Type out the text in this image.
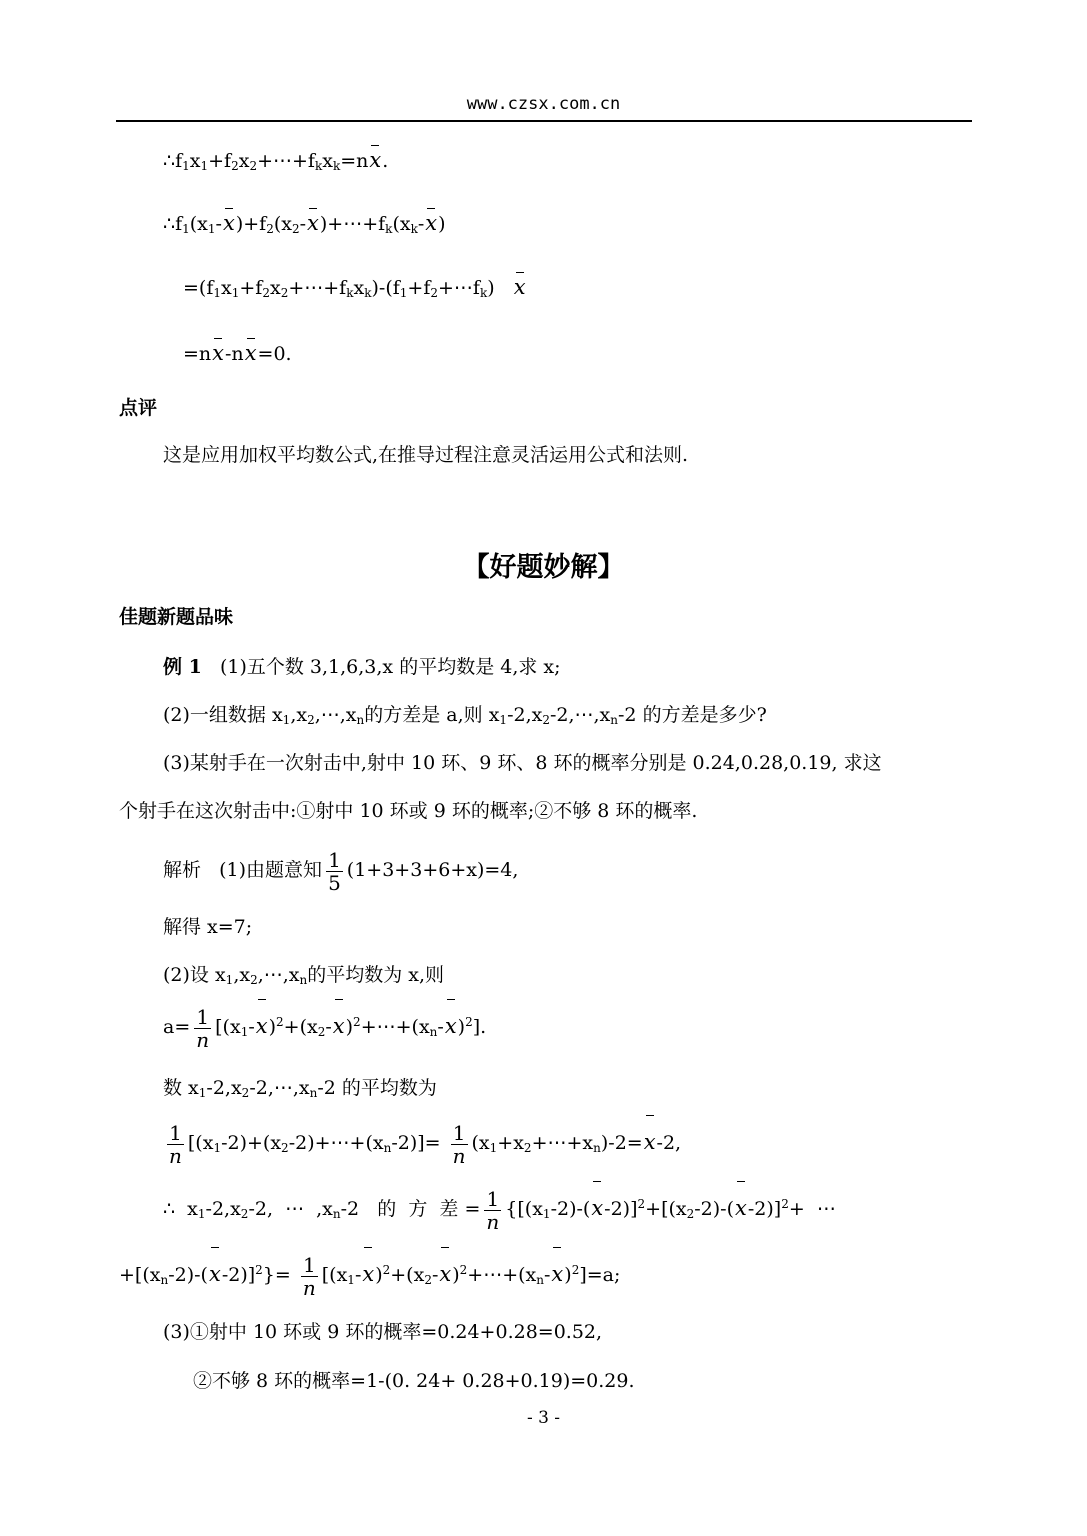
www.czsx.com.cn
$\therefore f_1x_1+f_2x_2+\cdots+f_kx_k=nx$.
$\therefore f_1(x_1-x)+f_2(x_2-x)+\cdots+f_k(x_k-x)$
$=(f_1x_1+f_2x_2+\cdots+f_kx_k)-(f_1+f_2+\cdots f_k)$   x
=nx-nx=0.
点评
这是应用加权平均数公式,在推导过程注意灵活运用公式和法则.
【好题妙解】
佳题新题品味
例 1 (1)五个数 3,1,6,3,x 的平均数是 4,求 x;
(2)一组数据 $x_1,x_2,\cdots,x_n$的方差是 a,则 $x_1-2,x_2-2,\cdots,x_n-2$ 的方差是多少?
(3)某射手在一次射击中,射中 10 环、9 环、8 环的概率分别是 0.24,0.28,0.19, 求这
个射手在这次射击中:①射中 10 环或 9 环的概率;②不够 8 环的概率.
解析 (1)由题意知 $\frac{1}{5} (1+3+3+6+x)=4$,
解得 x=7;
(2)设 $x_1,x_2,\cdots,x_n$的平均数为 x,则
$a= \frac{1}{n}$ $[(x_1-x)^2+(x_2-x)^2+\cdots+(x_n-x)^2]$.
数 $x_1-2,x_2-2,\cdots,x_n-2$ 的平均数为
$\frac{1}{n}$ $[(x_1-2)+(x_2-2)+\cdots+(x_n-2)]= \frac{1}{n}$ $(x_1+x_2+\cdots+x_n)-2=x-2$,
∴  $x_1-2,x_2-2$,  ⋯  $,x_n-2$   的  方  差 = $\frac{1}{n} \{[(x_1-2)-(x-2)]^2+[(x_2-2)-(x-2)]^2+$  ⋯
$+[(x_n-2)-(x-2)]^2\}= \frac{1}{n}$ $[(x_1-x)^2+(x_2-x)^2+\cdots+(x_n-x)^2]=a$;
(3)①射中 10 环或 9 环的概率=0.24+0.28=0.52,
②不够 8 环的概率=1-(0. 24+ 0.28+0.19)=0.29.
- 3 -
